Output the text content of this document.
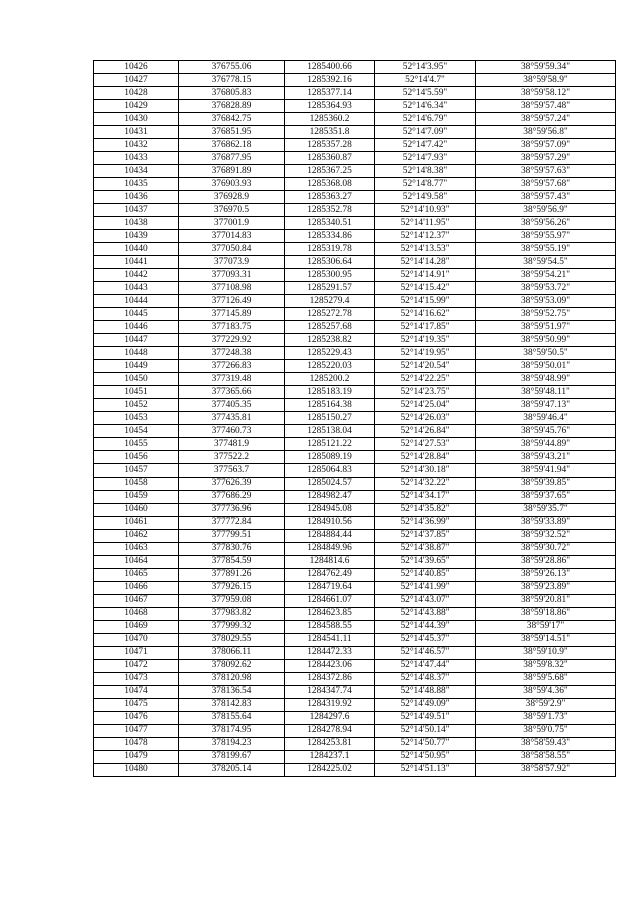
10426	376755.06	1285400.66	52°14'3.95"	38°59'59.34"
10427	376778.15	1285392.16	52°14'4.7"	38°59'58.9"
10428	376805.83	1285377.14	52°14'5.59"	38°59'58.12"
10429	376828.89	1285364.93	52°14'6.34"	38°59'57.48"
10430	376842.75	1285360.2	52°14'6.79"	38°59'57.24"
10431	376851.95	1285351.8	52°14'7.09"	38°59'56.8"
10432	376862.18	1285357.28	52°14'7.42"	38°59'57.09"
10433	376877.95	1285360.87	52°14'7.93"	38°59'57.29"
10434	376891.89	1285367.25	52°14'8.38"	38°59'57.63"
10435	376903.93	1285368.08	52°14'8.77"	38°59'57.68"
10436	376928.9	1285363.27	52°14'9.58"	38°59'57.43"
10437	376970.5	1285352.78	52°14'10.93"	38°59'56.9"
10438	377001.9	1285340.51	52°14'11.95"	38°59'56.26"
10439	377014.83	1285334.86	52°14'12.37"	38°59'55.97"
10440	377050.84	1285319.78	52°14'13.53"	38°59'55.19"
10441	377073.9	1285306.64	52°14'14.28"	38°59'54.5"
10442	377093.31	1285300.95	52°14'14.91"	38°59'54.21"
10443	377108.98	1285291.57	52°14'15.42"	38°59'53.72"
10444	377126.49	1285279.4	52°14'15.99"	38°59'53.09"
10445	377145.89	1285272.78	52°14'16.62"	38°59'52.75"
10446	377183.75	1285257.68	52°14'17.85"	38°59'51.97"
10447	377229.92	1285238.82	52°14'19.35"	38°59'50.99"
10448	377248.38	1285229.43	52°14'19.95"	38°59'50.5"
10449	377266.83	1285220.03	52°14'20.54"	38°59'50.01"
10450	377319.48	1285200.2	52°14'22.25"	38°59'48.99"
10451	377365.66	1285183.19	52°14'23.75"	38°59'48.11"
10452	377405.35	1285164.38	52°14'25.04"	38°59'47.13"
10453	377435.81	1285150.27	52°14'26.03"	38°59'46.4"
10454	377460.73	1285138.04	52°14'26.84"	38°59'45.76"
10455	377481.9	1285121.22	52°14'27.53"	38°59'44.89"
10456	377522.2	1285089.19	52°14'28.84"	38°59'43.21"
10457	377563.7	1285064.83	52°14'30.18"	38°59'41.94"
10458	377626.39	1285024.57	52°14'32.22"	38°59'39.85"
10459	377686.29	1284982.47	52°14'34.17"	38°59'37.65"
10460	377736.96	1284945.08	52°14'35.82"	38°59'35.7"
10461	377772.84	1284910.56	52°14'36.99"	38°59'33.89"
10462	377799.51	1284884.44	52°14'37.85"	38°59'32.52"
10463	377830.76	1284849.96	52°14'38.87"	38°59'30.72"
10464	377854.59	1284814.6	52°14'39.65"	38°59'28.86"
10465	377891.26	1284762.49	52°14'40.85"	38°59'26.13"
10466	377926.15	1284719.64	52°14'41.99"	38°59'23.89"
10467	377959.08	1284661.07	52°14'43.07"	38°59'20.81"
10468	377983.82	1284623.85	52°14'43.88"	38°59'18.86"
10469	377999.32	1284588.55	52°14'44.39"	38°59'17"
10470	378029.55	1284541.11	52°14'45.37"	38°59'14.51"
10471	378066.11	1284472.33	52°14'46.57"	38°59'10.9"
10472	378092.62	1284423.06	52°14'47.44"	38°59'8.32"
10473	378120.98	1284372.86	52°14'48.37"	38°59'5.68"
10474	378136.54	1284347.74	52°14'48.88"	38°59'4.36"
10475	378142.83	1284319.92	52°14'49.09"	38°59'2.9"
10476	378155.64	1284297.6	52°14'49.51"	38°59'1.73"
10477	378174.95	1284278.94	52°14'50.14"	38°59'0.75"
10478	378194.23	1284253.81	52°14'50.77"	38°58'59.43"
10479	378199.67	1284237.1	52°14'50.95"	38°58'58.55"
10480	378205.14	1284225.02	52°14'51.13"	38°58'57.92"
